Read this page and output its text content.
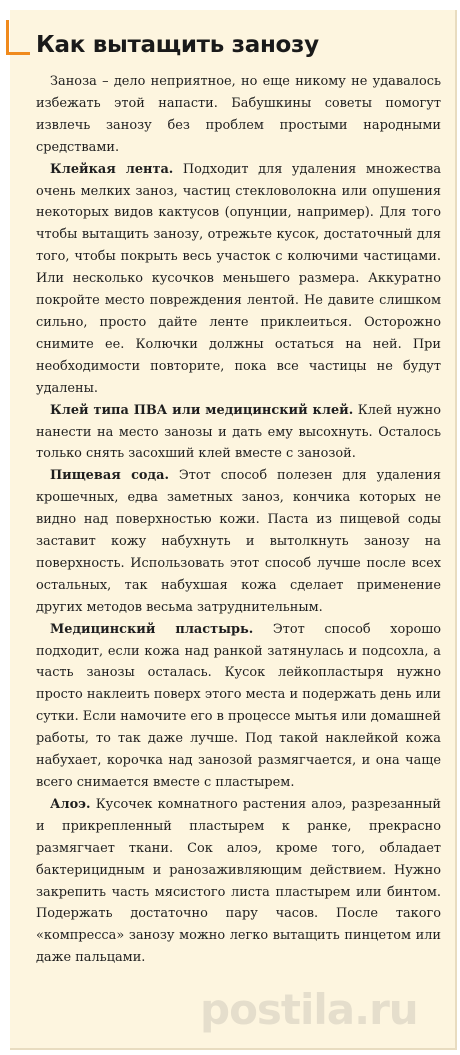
Как вытащить занозу

Заноза – дело неприятное, но еще никому не удавалось избежать этой напасти. Бабушкины советы помогут извлечь занозу без проблем простыми народными средствами.

Клейкая лента. Подходит для удаления множества очень мелких заноз, частиц стекловолокна или опушения некоторых видов кактусов (опунции, например). Для того чтобы вытащить занозу, отрежьте кусок, достаточный для того, чтобы покрыть весь участок с колючими частицами. Или несколько кусочков меньшего размера. Аккуратно покройте место повреждения лентой. Не давите слишком сильно, просто дайте ленте приклеиться. Осторожно снимите ее. Колючки должны остаться на ней. При необходимости повторите, пока все частицы не будут удалены.

Клей типа ПВА или медицинский клей. Клей нужно нанести на место занозы и дать ему высохнуть. Осталось только снять засохший клей вместе с занозой.

Пищевая сода. Этот способ полезен для удаления крошечных, едва заметных заноз, кончика которых не видно над поверхностью кожи. Паста из пищевой соды заставит кожу набухнуть и вытолкнуть занозу на поверхность. Использовать этот способ лучше после всех остальных, так набухшая кожа сделает применение других методов весьма затруднительным.

Медицинский пластырь. Этот способ хорошо подходит, если кожа над ранкой затянулась и подсохла, а часть занозы осталась. Кусок лейкопластыря нужно просто наклеить поверх этого места и подержать день или сутки. Если намочите его в процессе мытья или домашней работы, то так даже лучше. Под такой наклейкой кожа набухает, корочка над занозой размягчается, и она чаще всего снимается вместе с пластырем.

Алоэ. Кусочек комнатного растения алоэ, разрезанный и прикрепленный пластырем к ранке, прекрасно размягчает ткани. Сок алоэ, кроме того, обладает бактерицидным и ранозаживляющим действием. Нужно закрепить часть мясистого листа пластырем или бинтом. Подержать достаточно пару часов. После такого «компресса» занозу можно легко вытащить пинцетом или даже пальцами.
